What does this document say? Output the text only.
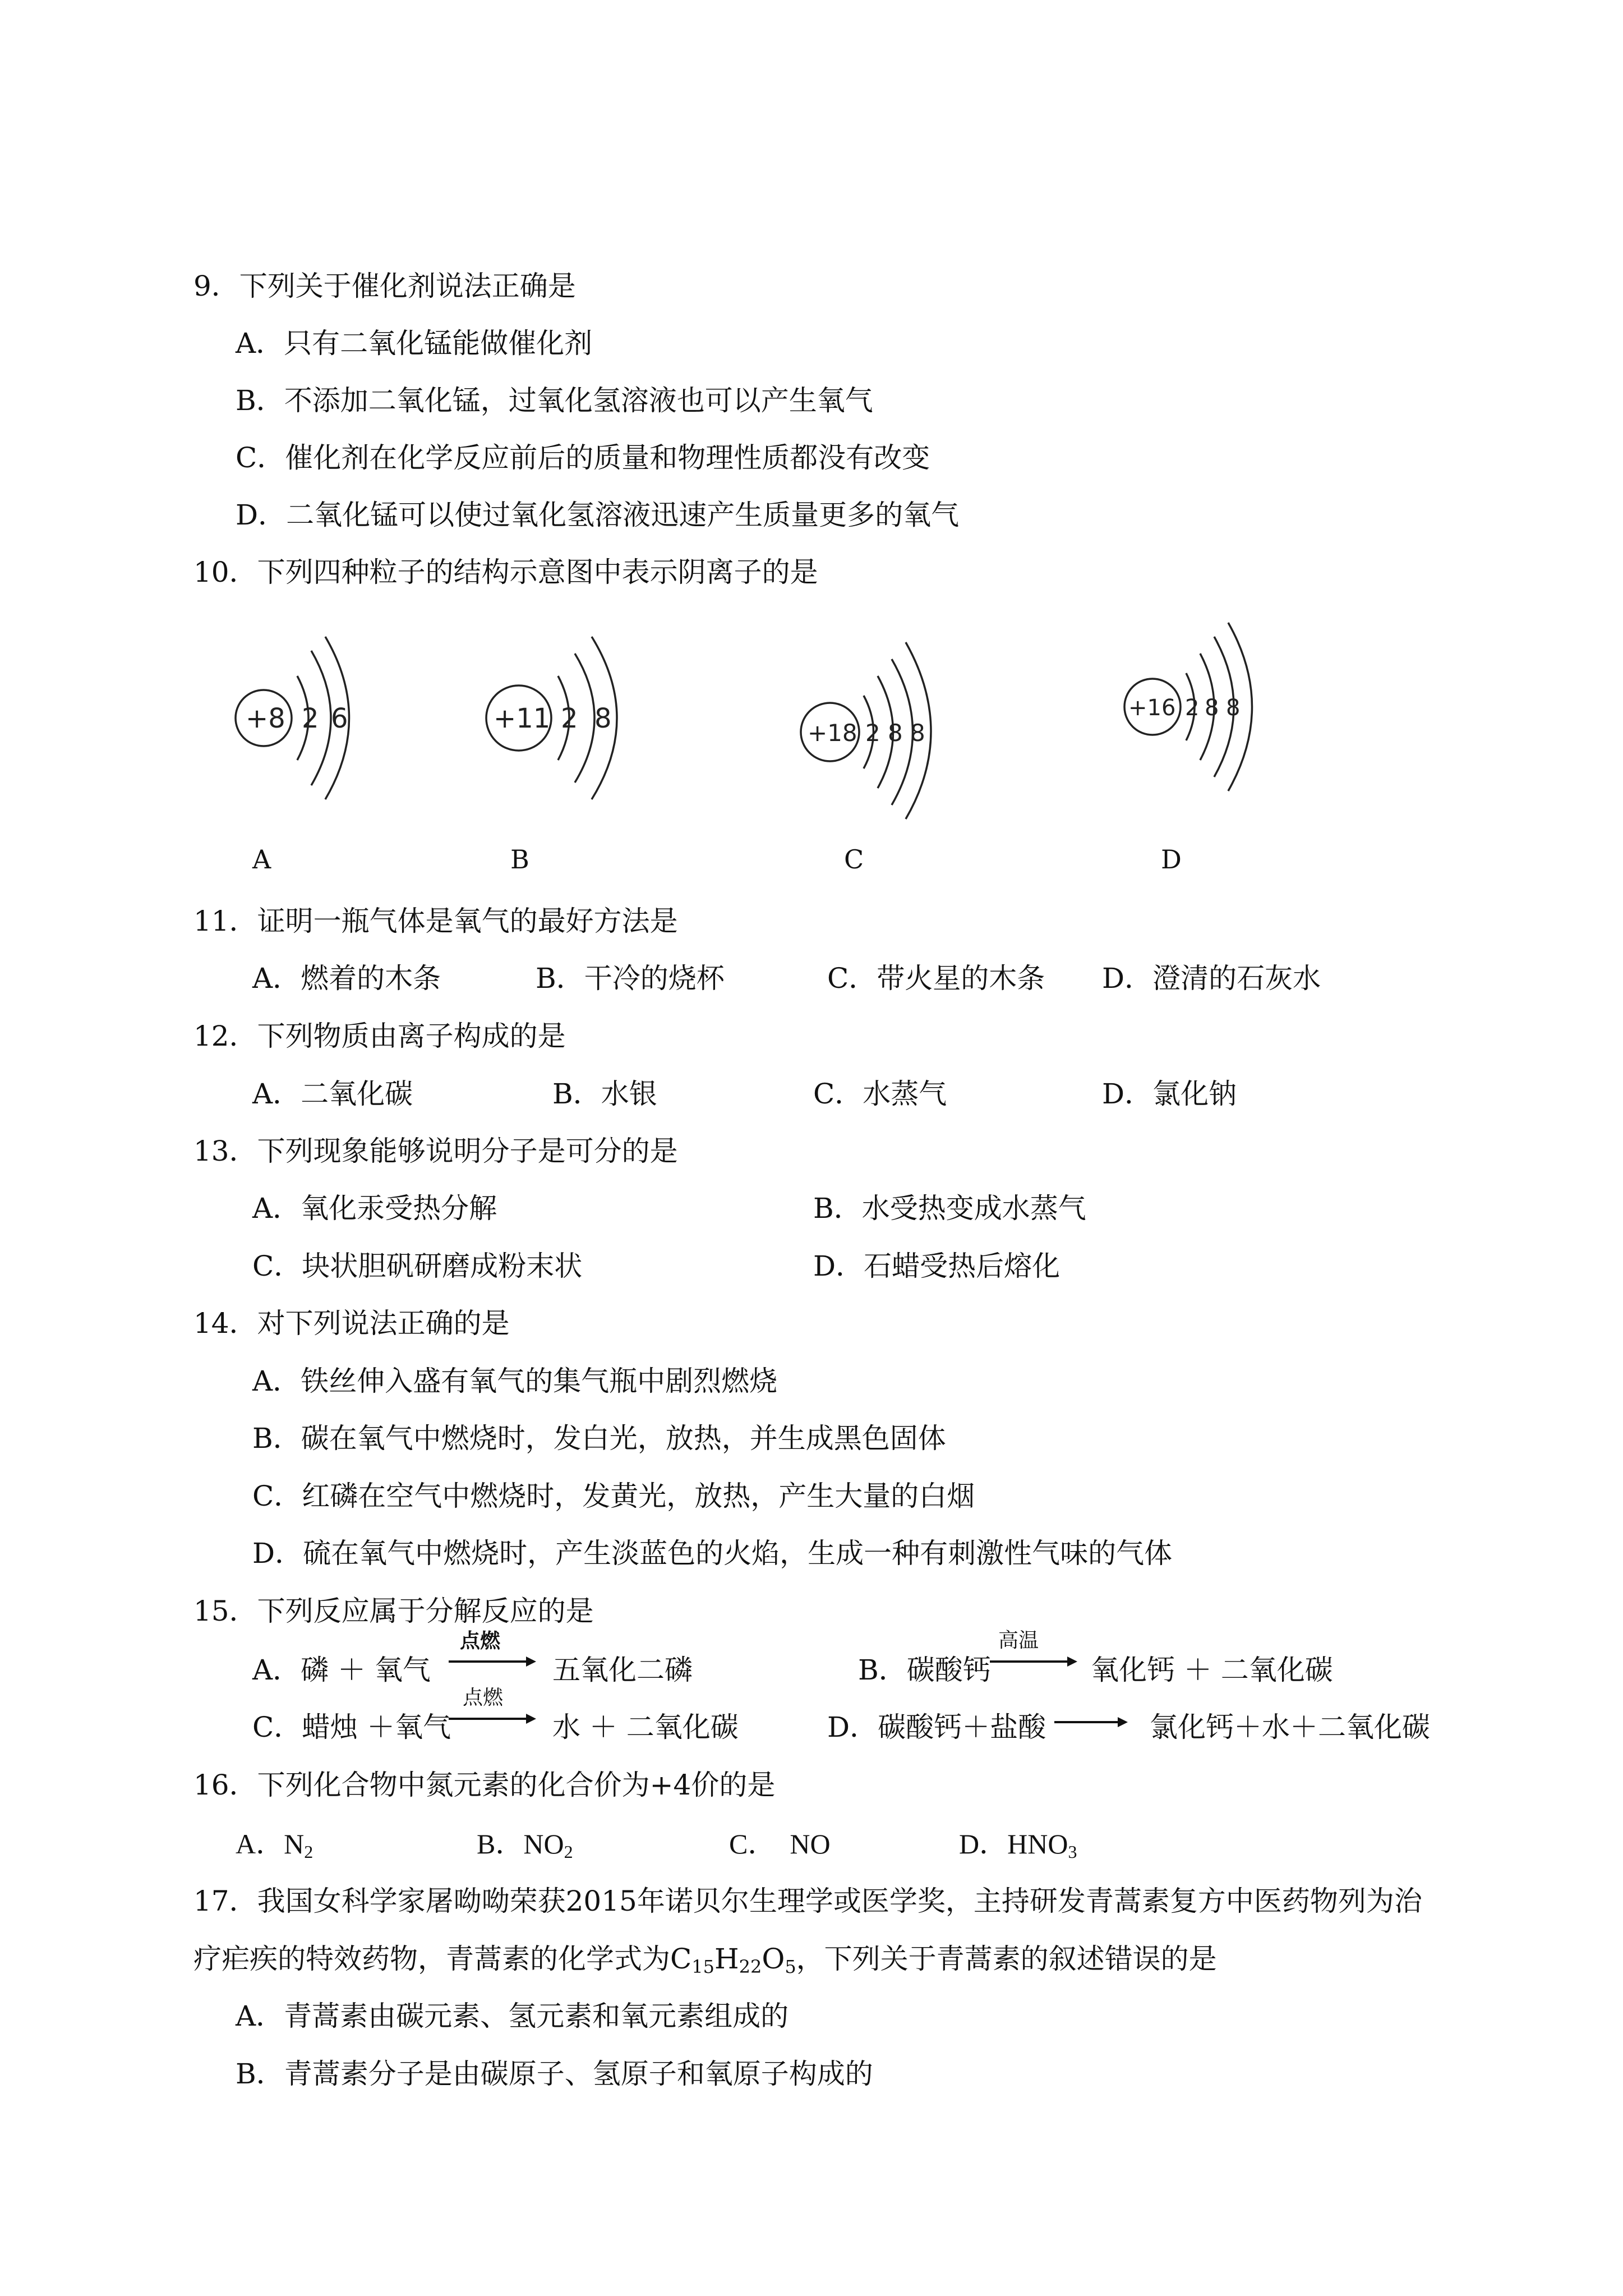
9．下列关于催化剂说法正确是
A．只有二氧化锰能做催化剂
B．不添加二氧化锰，过氧化氢溶液也可以产生氧气
C．催化剂在化学反应前后的质量和物理性质都没有改变
D．二氧化锰可以使过氧化氢溶液迅速产生质量更多的氧气
10．下列四种粒子的结构示意图中表示阴离子的是
+8 2 6	+11 2 8	+18 2 8 8
+16 2 8 8
A	B	C	D
11．证明一瓶气体是氧气的最好方法是
A．燃着的木条	B．干冷的烧杯	C．带火星的木条 D．澄清的石灰水
12．下列物质由离子构成的是
A．二氧化碳	B．水银	C．水蒸气	D．氯化钠
13．下列现象能够说明分子是可分的是
A．氧化汞受热分解	B．水受热变成水蒸气
C．块状胆矾研磨成粉末状	D．石蜡受热后熔化
14．对下列说法正确的是
A．铁丝伸入盛有氧气的集气瓶中剧烈燃烧
B．碳在氧气中燃烧时，发白光，放热，并生成黑色固体
C．红磷在空气中燃烧时，发黄光，放热，产生大量的白烟
D．硫在氧气中燃烧时，产生淡蓝色的火焰，生成一种有刺激性气味的气体
15．下列反应属于分解反应的是
A．磷 ＋ 氧气
点燃
五氧化二磷	B．碳酸钙
高温
氧化钙 ＋ 二氧化碳
C．蜡烛 ＋氧气
点燃
水 ＋ 二氧化碳	D．碳酸钙＋盐酸	氯化钙＋水＋二氧化碳
16．下列化合物中氮元素的化合价为+4价的是
A．$N_2$	B．$NO_2$	C．  NO	D．$HNO_3$
17．我国女科学家屠呦呦荣获2015年诺贝尔生理学或医学奖，主持研发青蒿素复方中医药物列为治
疗疟疾的特效药物，青蒿素的化学式为$C_{15}H_{22}O_5$，下列关于青蒿素的叙述错误的是
A．青蒿素由碳元素、氢元素和氧元素组成的
B．青蒿素分子是由碳原子、氢原子和氧原子构成的
